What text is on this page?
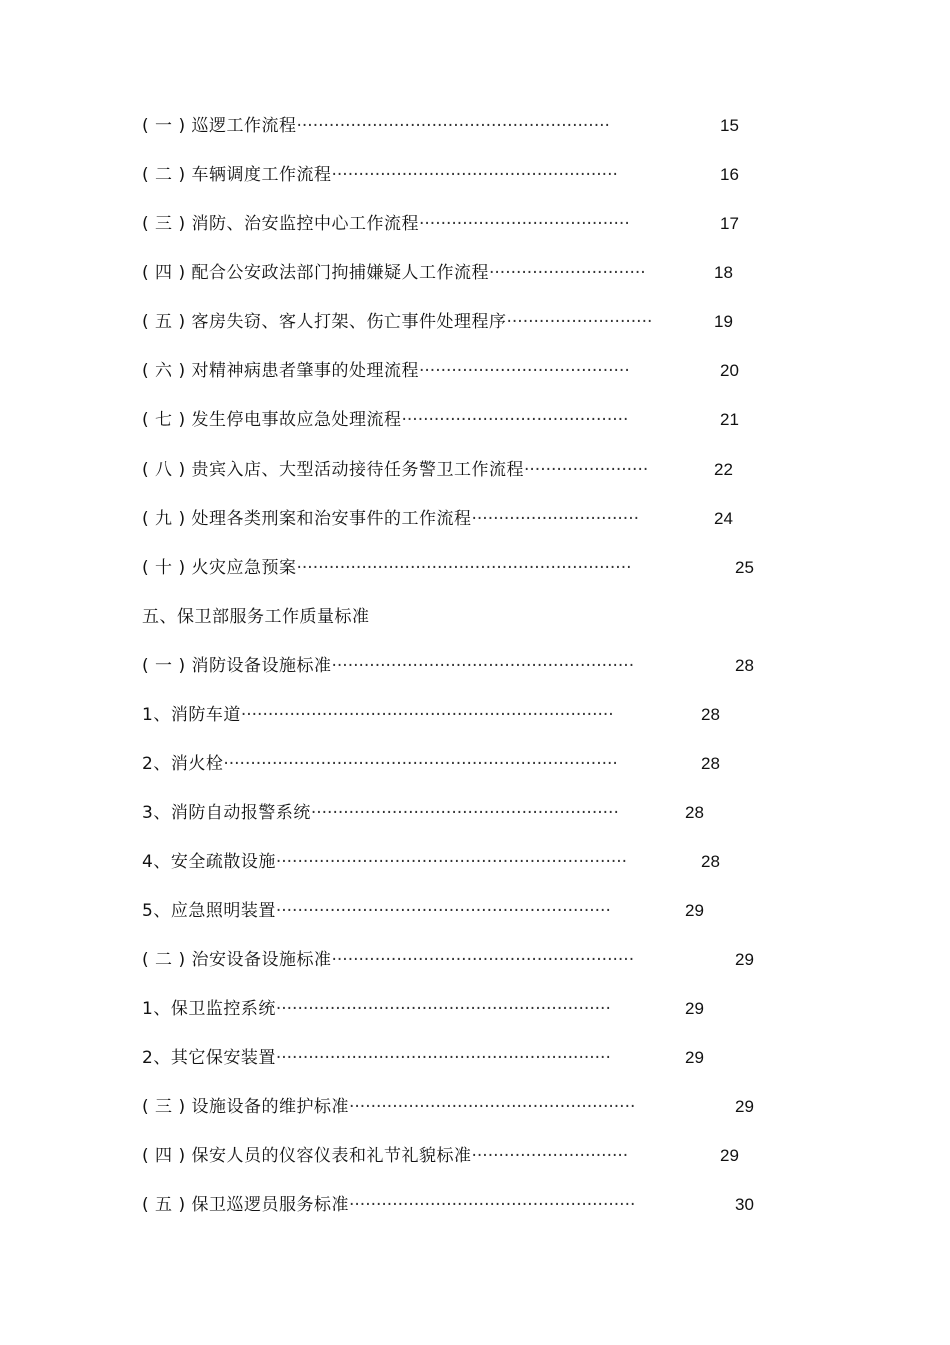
( 一 ) 巡逻工作流程··························································	15
( 二 ) 车辆调度工作流程·····················································	16
( 三 ) 消防、治安监控中心工作流程·······································	17
( 四 ) 配合公安政法部门拘捕嫌疑人工作流程·····························	18
( 五 ) 客房失窃、客人打架、伤亡事件处理程序···························	19
( 六 ) 对精神病患者肇事的处理流程·······································	20
( 七 ) 发生停电事故应急处理流程··········································	21
( 八 ) 贵宾入店、大型活动接待任务警卫工作流程·······················	22
( 九 ) 处理各类刑案和治安事件的工作流程·······························	24
( 十 ) 火灾应急预案······························································	25
五、保卫部服务工作质量标准
( 一 ) 消防设备设施标准························································	28
1、消防车道·····································································	28
2、消火栓·········································································	28
3、消防自动报警系统·························································	28
4、安全疏散设施·································································	28
5、应急照明装置······························································	29
( 二 ) 治安设备设施标准························································	29
1、保卫监控系统······························································	29
2、其它保安装置······························································	29
( 三 ) 设施设备的维护标准·····················································	29
( 四 ) 保安人员的仪容仪表和礼节礼貌标准·····························	29
( 五 ) 保卫巡逻员服务标准·····················································	30
